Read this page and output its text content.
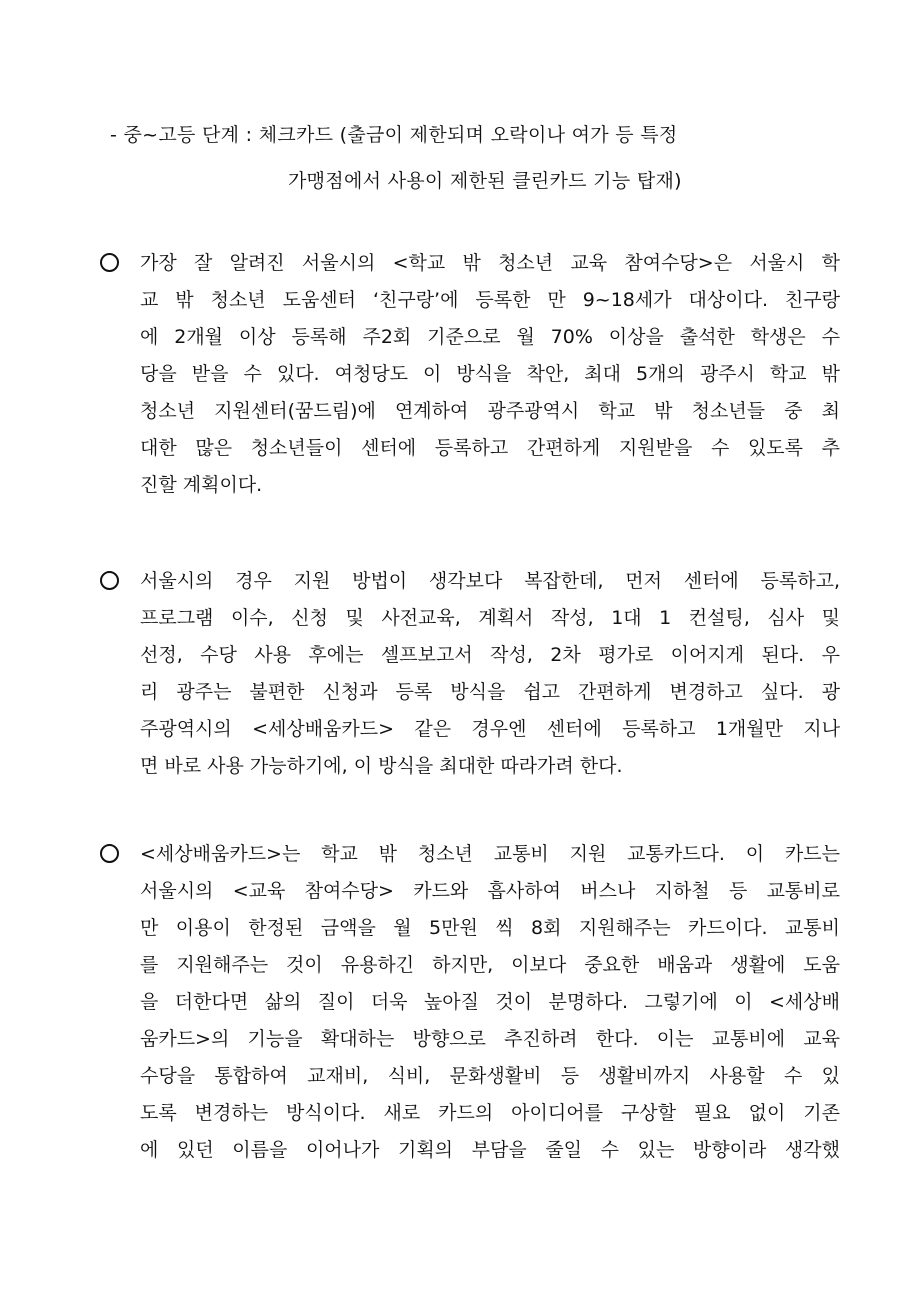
- 중~고등 단계 : 체크카드 (출금이 제한되며 오락이나 여가 등 특정
가맹점에서 사용이 제한된 클린카드 기능 탑재)
가장 잘 알려진 서울시의 <학교 밖 청소년 교육 참여수당>은 서울시 학
교 밖 청소년 도움센터 ‘친구랑’에 등록한 만 9~18세가 대상이다. 친구랑
에 2개월 이상 등록해 주2회 기준으로 월 70% 이상을 출석한 학생은 수
당을 받을 수 있다. 여청당도 이 방식을 착안, 최대 5개의 광주시 학교 밖
청소년 지원센터(꿈드림)에 연계하여 광주광역시 학교 밖 청소년들 중 최
대한 많은 청소년들이 센터에 등록하고 간편하게 지원받을 수 있도록 추
진할 계획이다.
서울시의 경우 지원 방법이 생각보다 복잡한데, 먼저 센터에 등록하고,
프로그램 이수, 신청 및 사전교육, 계획서 작성, 1대 1 컨설팅, 심사 및
선정, 수당 사용 후에는 셀프보고서 작성, 2차 평가로 이어지게 된다. 우
리 광주는 불편한 신청과 등록 방식을 쉽고 간편하게 변경하고 싶다. 광
주광역시의 <세상배움카드> 같은 경우엔 센터에 등록하고 1개월만 지나
면 바로 사용 가능하기에, 이 방식을 최대한 따라가려 한다.
<세상배움카드>는 학교 밖 청소년 교통비 지원 교통카드다. 이 카드는
서울시의 <교육 참여수당> 카드와 흡사하여 버스나 지하철 등 교통비로
만 이용이 한정된 금액을 월 5만원 씩 8회 지원해주는 카드이다. 교통비
를 지원해주는 것이 유용하긴 하지만, 이보다 중요한 배움과 생활에 도움
을 더한다면 삶의 질이 더욱 높아질 것이 분명하다. 그렇기에 이 <세상배
움카드>의 기능을 확대하는 방향으로 추진하려 한다. 이는 교통비에 교육
수당을 통합하여 교재비, 식비, 문화생활비 등 생활비까지 사용할 수 있
도록 변경하는 방식이다. 새로 카드의 아이디어를 구상할 필요 없이 기존
에 있던 이름을 이어나가 기획의 부담을 줄일 수 있는 방향이라 생각했
